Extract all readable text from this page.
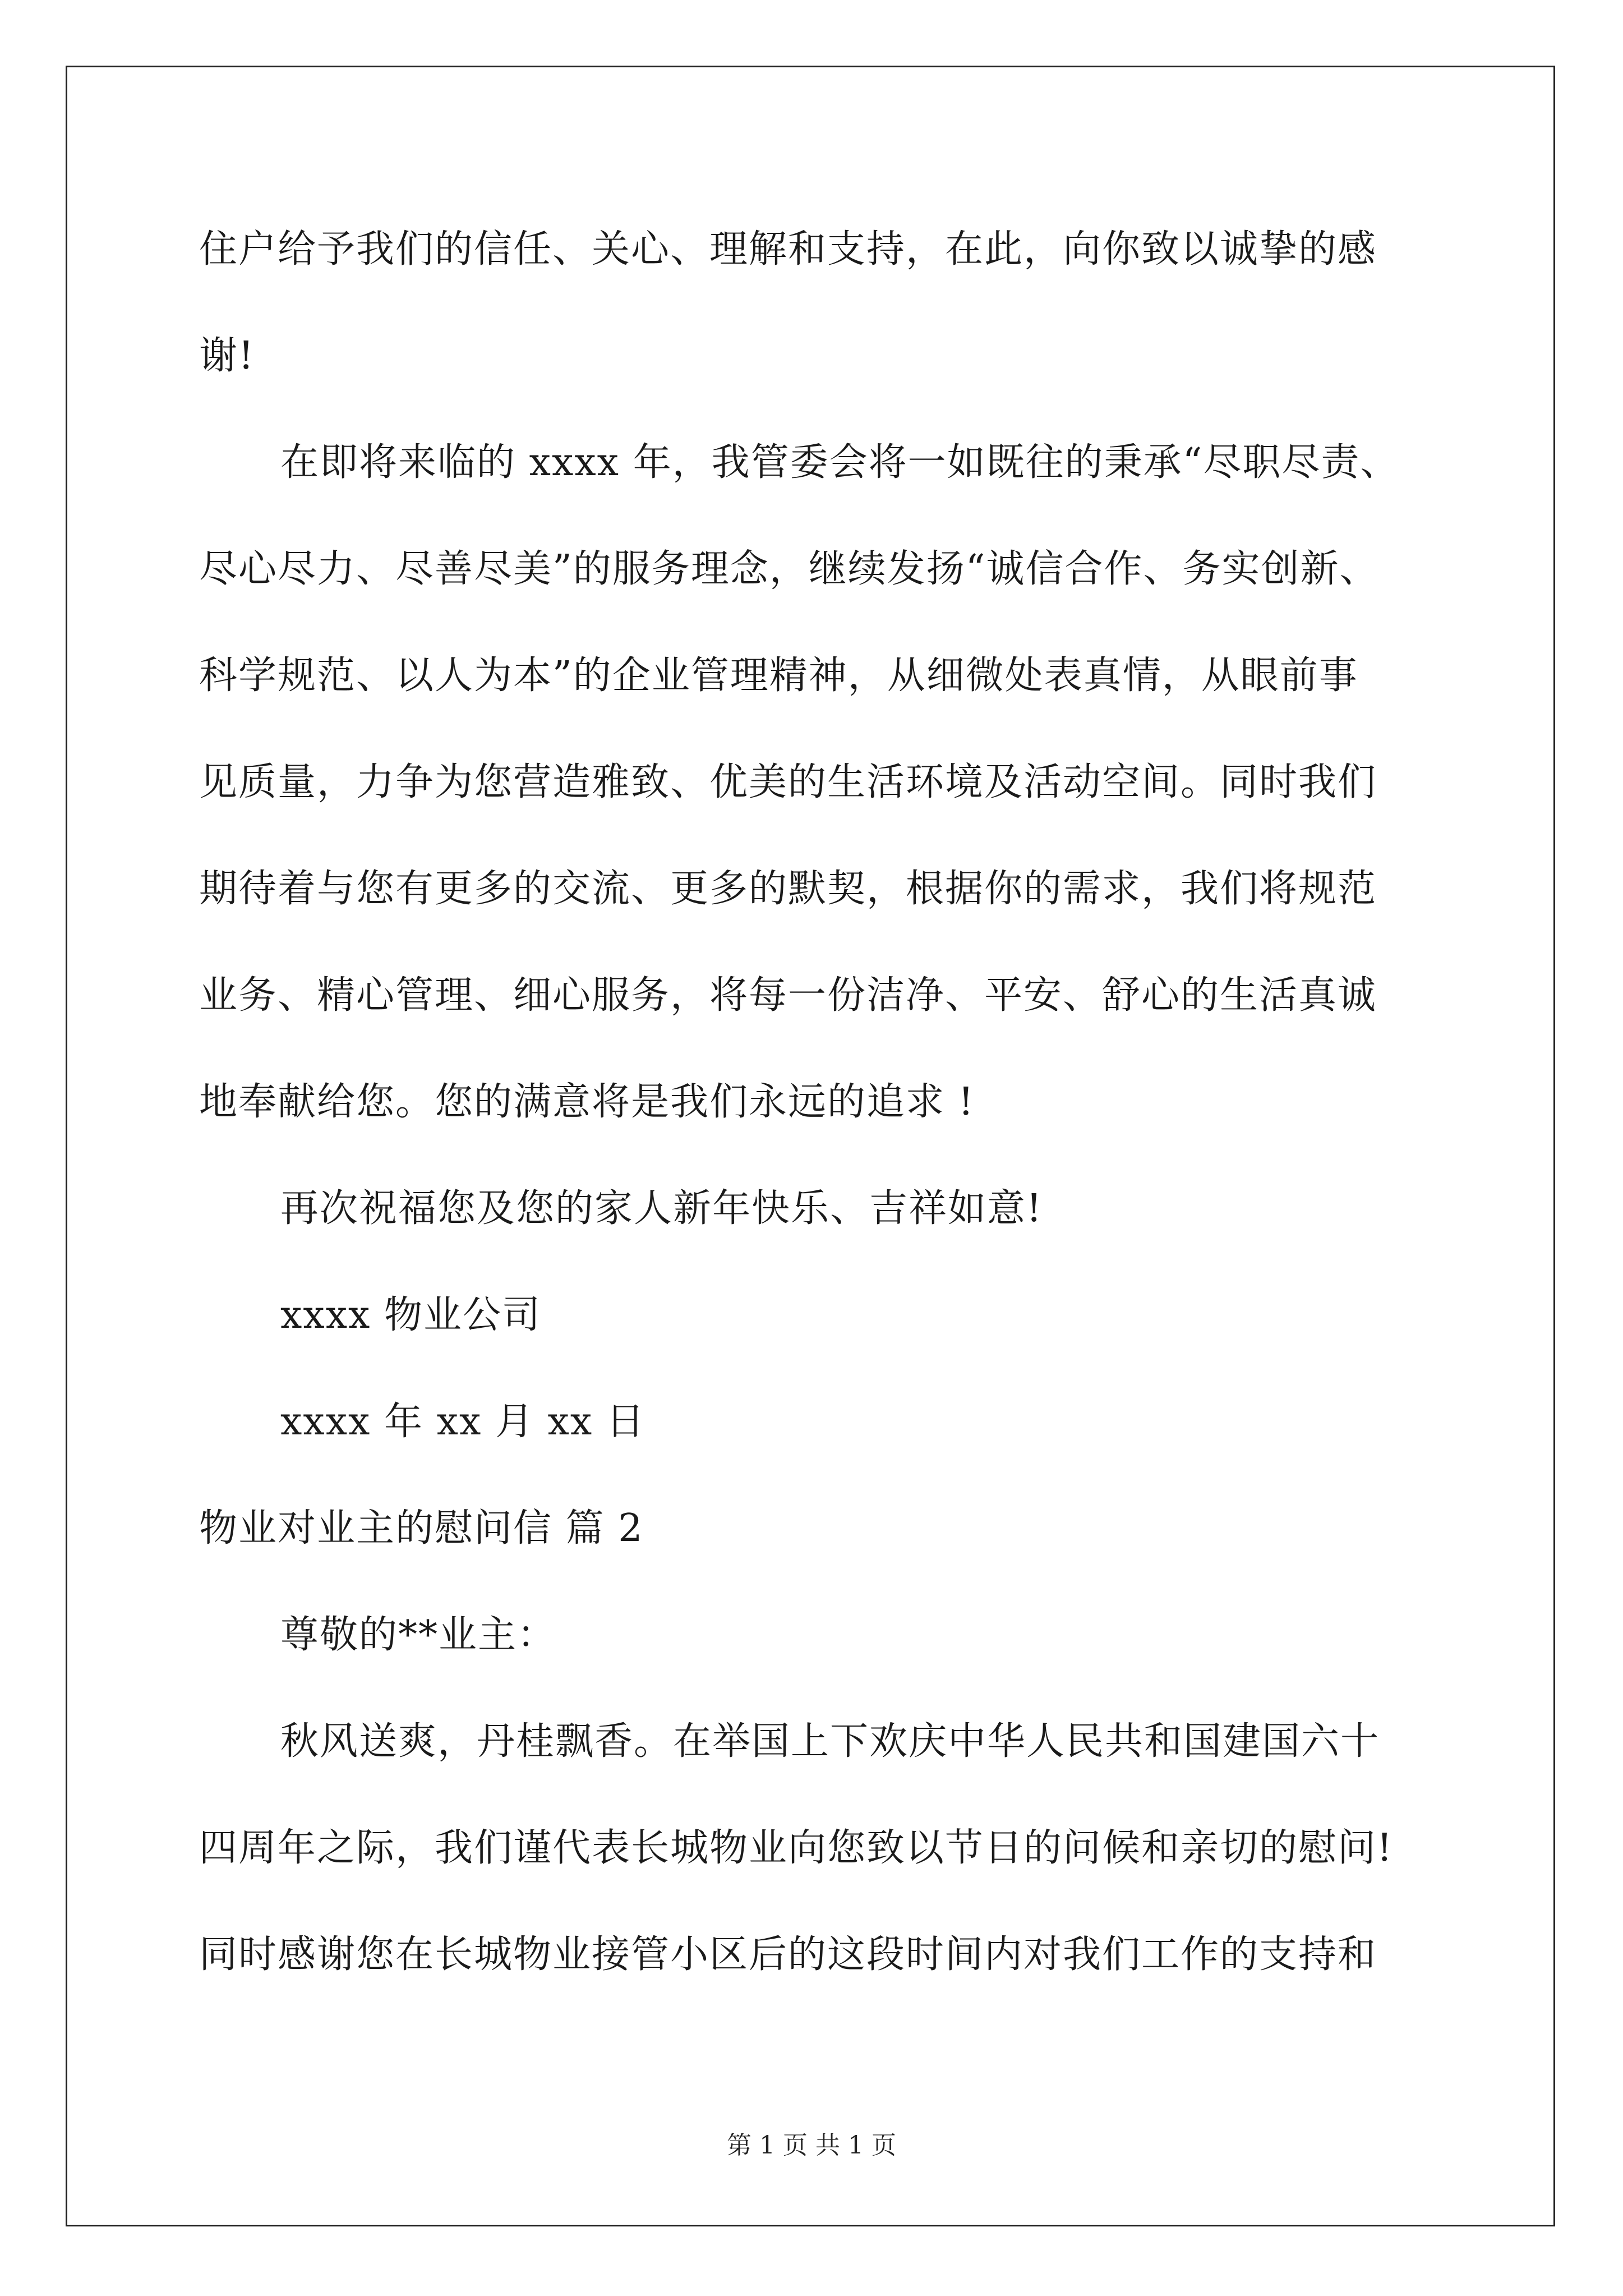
住户给予我们的信任、关心、理解和支持，在此，向你致以诚挚的感
谢!
在即将来临的 xxxx 年，我管委会将一如既往的秉承“尽职尽责、
尽心尽力、尽善尽美”的服务理念，继续发扬“诚信合作、务实创新、
科学规范、以人为本”的企业管理精神，从细微处表真情，从眼前事
见质量，力争为您营造雅致、优美的生活环境及活动空间。同时我们
期待着与您有更多的交流、更多的默契，根据你的需求，我们将规范
业务、精心管理、细心服务，将每一份洁净、平安、舒心的生活真诚
地奉献给您。您的满意将是我们永远的追求 !
再次祝福您及您的家人新年快乐、吉祥如意!
xxxx 物业公司
xxxx 年 xx 月 xx 日
物业对业主的慰问信 篇 2
尊敬的**业主：
秋风送爽，丹桂飘香。在举国上下欢庆中华人民共和国建国六十
四周年之际，我们谨代表长城物业向您致以节日的问候和亲切的慰问!
同时感谢您在长城物业接管小区后的这段时间内对我们工作的支持和
第 1 页 共 1 页
